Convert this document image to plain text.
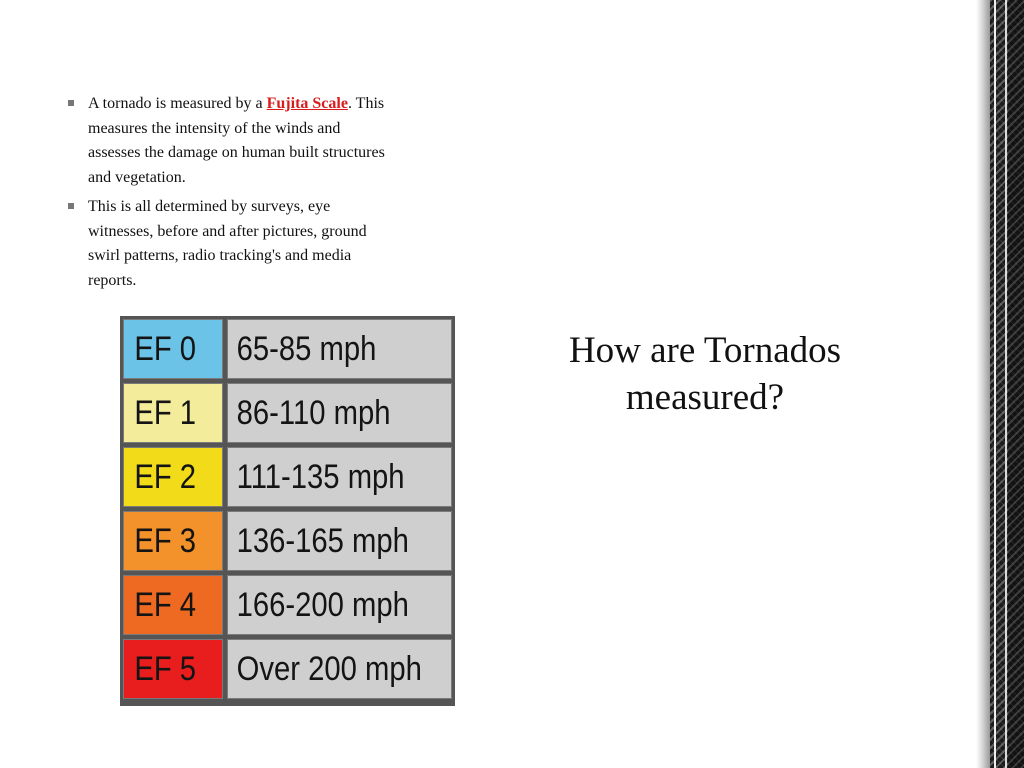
A tornado is measured by a Fujita Scale. This measures the intensity of the winds and assesses the damage on human built structures and vegetation.
This is all determined by surveys, eye witnesses, before and after pictures, ground swirl patterns, radio tracking's and media reports.
EF 0	65-85 mph
EF 1	86-110 mph
EF 2	111-135 mph
EF 3	136-165 mph
EF 4	166-200 mph
EF 5	Over 200 mph
How are Tornados measured?
